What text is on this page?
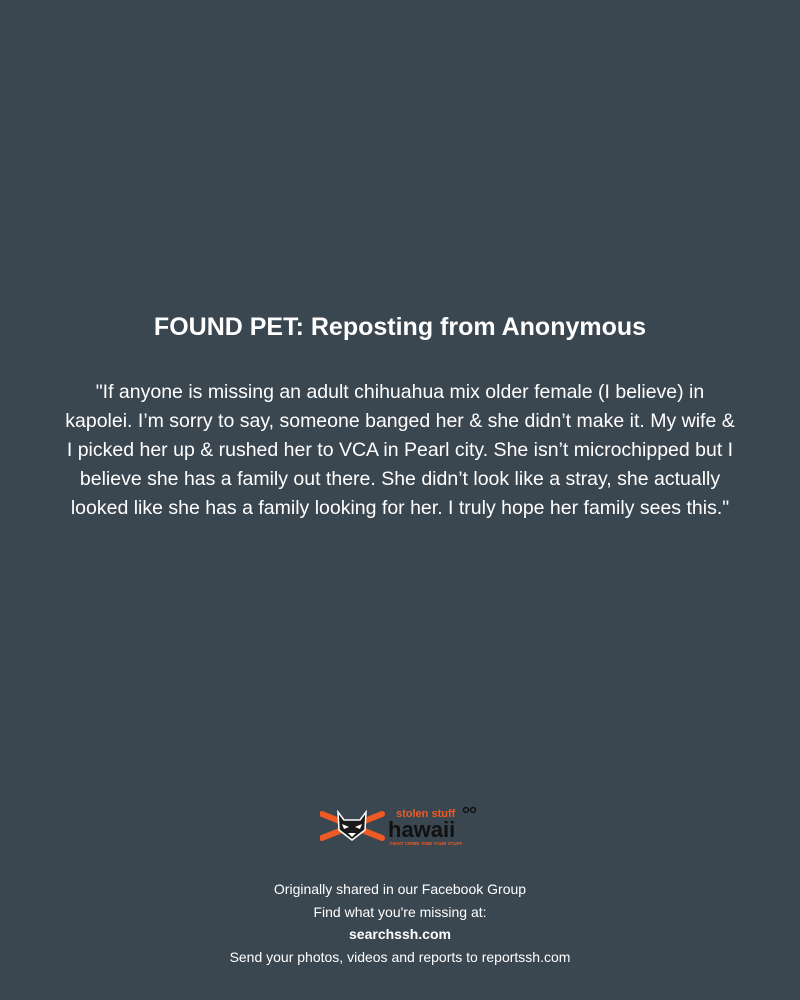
FOUND PET: Reposting from Anonymous

"If anyone is missing an adult chihuahua mix older female (I believe) in kapolei. I’m sorry to say, someone banged her & she didn’t make it. My wife & I picked her up & rushed her to VCA in Pearl city. She isn’t microchipped but I believe she has a family out there. She didn’t look like a stray, she actually looked like she has a family looking for her. I truly hope her family sees this."

stolen stuff
hawaii
FIGHT CRIME. FIND YOUR STUFF.
Originally shared in our Facebook Group
Find what you're missing at:
searchssh.com
Send your photos, videos and reports to reportssh.com
